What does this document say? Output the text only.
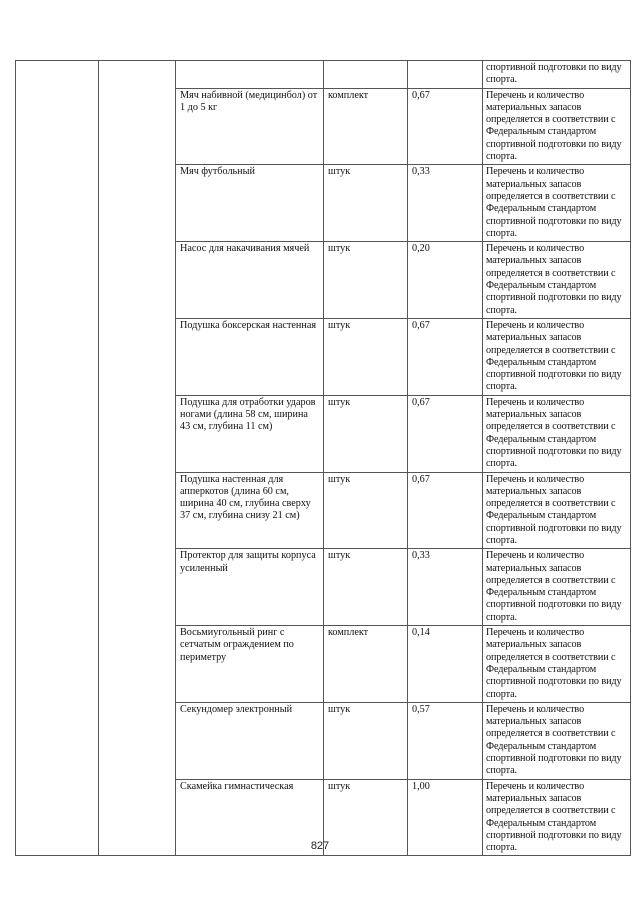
					спортивной подготовки по виду спорта.
		Мяч набивной (медицинбол) от 1 до 5 кг	комплект	0,67	Перечень и количество материальных запасов определяется в соответствии с Федеральным стандартом спортивной подготовки по виду спорта.
		Мяч футбольный	штук	0,33	Перечень и количество материальных запасов определяется в соответствии с Федеральным стандартом спортивной подготовки по виду спорта.
		Насос для накачивания мячей	штук	0,20	Перечень и количество материальных запасов определяется в соответствии с Федеральным стандартом спортивной подготовки по виду спорта.
		Подушка боксерская настенная	штук	0,67	Перечень и количество материальных запасов определяется в соответствии с Федеральным стандартом спортивной подготовки по виду спорта.
		Подушка для отработки ударов ногами (длина 58 см, ширина 43 см, глубина 11 см)	штук	0,67	Перечень и количество материальных запасов определяется в соответствии с Федеральным стандартом спортивной подготовки по виду спорта.
		Подушка настенная для апперкотов (длина 60 см, ширина 40 см, глубина сверху 37 см, глубина снизу 21 см)	штук	0,67	Перечень и количество материальных запасов определяется в соответствии с Федеральным стандартом спортивной подготовки по виду спорта.
		Протектор для защиты корпуса усиленный	штук	0,33	Перечень и количество материальных запасов определяется в соответствии с Федеральным стандартом спортивной подготовки по виду спорта.
		Восьмиугольный ринг с сетчатым ограждением по периметру	комплект	0,14	Перечень и количество материальных запасов определяется в соответствии с Федеральным стандартом спортивной подготовки по виду спорта.
		Секундомер электронный	штук	0,57	Перечень и количество материальных запасов определяется в соответствии с Федеральным стандартом спортивной подготовки по виду спорта.
		Скамейка гимнастическая	штук	1,00	Перечень и количество материальных запасов определяется в соответствии с Федеральным стандартом спортивной подготовки по виду спорта.
827
